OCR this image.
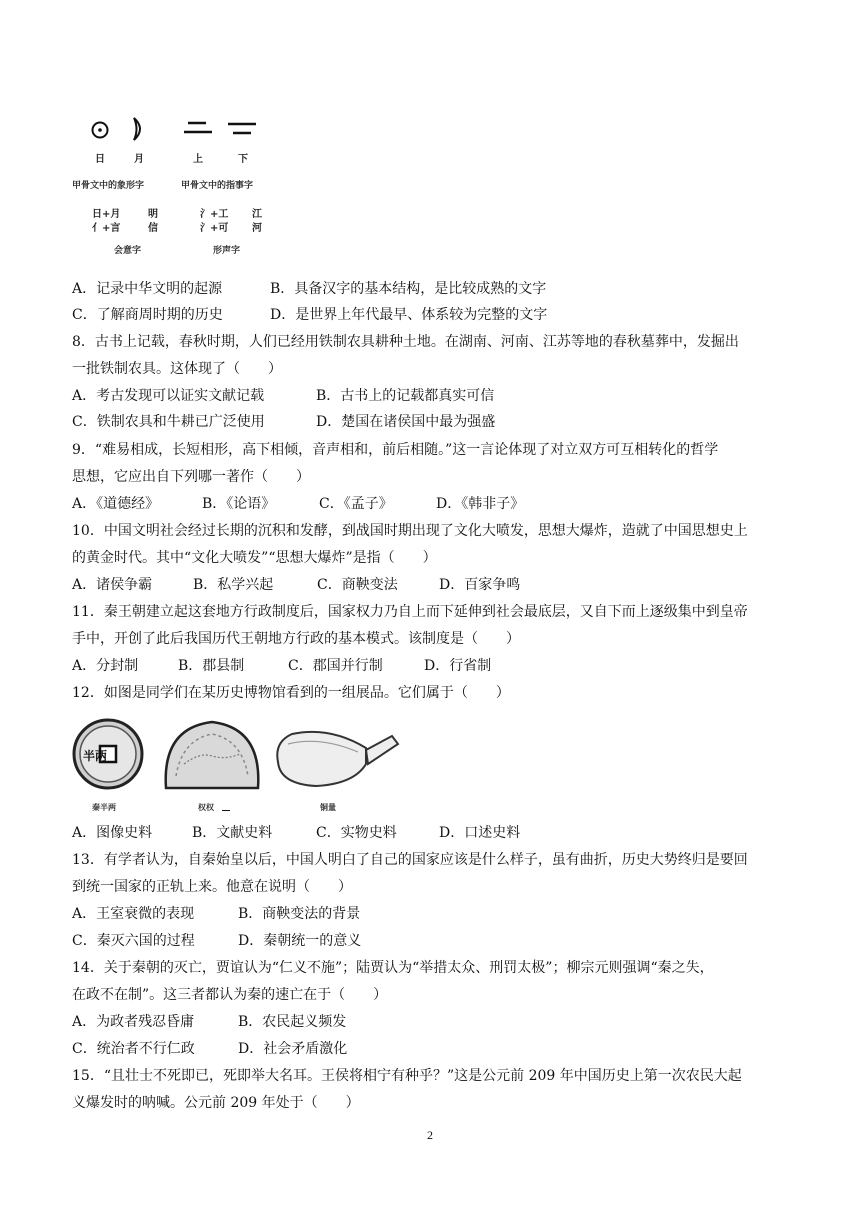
日	月	上	下
甲骨文中的象形字	甲骨文中的指事字
日+月	明
亻+言	信
氵+工 江
氵+可 河
会意字	形声字
A．记录中华文明的起源	B．具备汉字的基本结构，是比较成熟的文字
C．了解商周时期的历史	D．是世界上年代最早、体系较为完整的文字
8．古书上记载，春秋时期，人们已经用铁制农具耕种土地。在湖南、河南、江苏等地的春秋墓葬中，发掘出
一批铁制农具。这体现了（　　）
A．考古发现可以证实文献记载	B．古书上的记载都真实可信
C．铁制农具和牛耕已广泛使用	D．楚国在诸侯国中最为强盛
9．“难易相成，长短相形，高下相倾，音声相和，前后相随。”这一言论体现了对立双方可互相转化的哲学
思想，它应出自下列哪一著作（　　）
A．《道德经》	B．《论语》	C．《孟子》	D．《韩非子》
10．中国文明社会经过长期的沉积和发酵，到战国时期出现了文化大喷发，思想大爆炸，造就了中国思想史上
的黄金时代。其中“文化大喷发”“思想大爆炸”是指（　　）
A．诸侯争霸	B．私学兴起	C．商鞅变法	D．百家争鸣
11．秦王朝建立起这套地方行政制度后，国家权力乃自上而下延伸到社会最底层，又自下而上逐级集中到皇帝
手中，开创了此后我国历代王朝地方行政的基本模式。该制度是（　　）
A．分封制	B．郡县制	C．郡国并行制	D．行省制
12．如图是同学们在某历史博物馆看到的一组展品。它们属于（　　）
半两
秦半两	权权	铜量
A．图像史料	B．文献史料	C．实物史料	D．口述史料
13．有学者认为，自秦始皇以后，中国人明白了自己的国家应该是什么样子，虽有曲折，历史大势终归是要回
到统一国家的正轨上来。他意在说明（　　）
A．王室衰微的表现	B．商鞅变法的背景
C．秦灭六国的过程	D．秦朝统一的意义
14．关于秦朝的灭亡，贾谊认为“仁义不施”；陆贾认为“举措太众、刑罚太极”；柳宗元则强调“秦之失，
在政不在制”。这三者都认为秦的速亡在于（　　）
A．为政者残忍昏庸	B．农民起义频发
C．统治者不行仁政	D．社会矛盾激化
15．“且壮士不死即已，死即举大名耳。王侯将相宁有种乎？”这是公元前 209 年中国历史上第一次农民大起
义爆发时的呐喊。公元前 209 年处于（　　）
2
